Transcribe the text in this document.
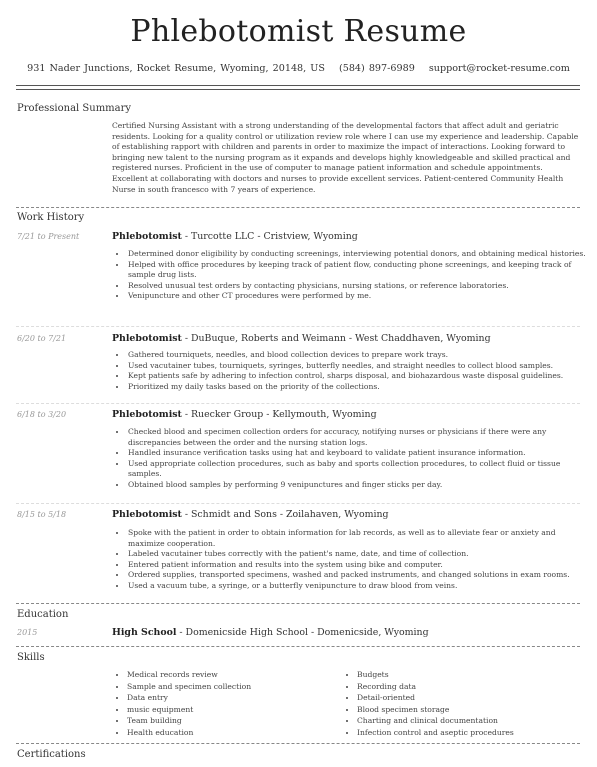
Phlebotomist Resume
931 Nader Junctions, Rocket Resume, Wyoming, 20148, US (584) 897-6989 support@rocket-resume.com
Professional Summary
Certified Nursing Assistant with a strong understanding of the developmental factors that affect adult and geriatric residents. Looking for a quality control or utilization review role where I can use my experience and leadership. Capable of establishing rapport with children and parents in order to maximize the impact of interactions. Looking forward to bringing new talent to the nursing program as it expands and develops highly knowledgeable and skilled practical and registered nurses. Proficient in the use of computer to manage patient information and schedule appointments. Excellent at collaborating with doctors and nurses to provide excellent services. Patient-centered Community Health Nurse in south francesco with 7 years of experience.
Work History
7/21 to Present	Phlebotomist - Turcotte LLC - Cristview, Wyoming
• Determined donor eligibility by conducting screenings, interviewing potential donors, and obtaining medical histories.
• Helped with office procedures by keeping track of patient flow, conducting phone screenings, and keeping track of sample drug lists.
• Resolved unusual test orders by contacting physicians, nursing stations, or reference laboratories.
• Venipuncture and other CT procedures were performed by me.
6/20 to 7/21	Phlebotomist - DuBuque, Roberts and Weimann - West Chaddhaven, Wyoming
• Gathered tourniquets, needles, and blood collection devices to prepare work trays.
• Used vacutainer tubes, tourniquets, syringes, butterfly needles, and straight needles to collect blood samples.
• Kept patients safe by adhering to infection control, sharps disposal, and biohazardous waste disposal guidelines.
• Prioritized my daily tasks based on the priority of the collections.
6/18 to 3/20	Phlebotomist - Ruecker Group - Kellymouth, Wyoming
• Checked blood and specimen collection orders for accuracy, notifying nurses or physicians if there were any discrepancies between the order and the nursing station logs.
• Handled insurance verification tasks using hat and keyboard to validate patient insurance information.
• Used appropriate collection procedures, such as baby and sports collection procedures, to collect fluid or tissue samples.
• Obtained blood samples by performing 9 venipunctures and finger sticks per day.
8/15 to 5/18	Phlebotomist - Schmidt and Sons - Zoilahaven, Wyoming
• Spoke with the patient in order to obtain information for lab records, as well as to alleviate fear or anxiety and maximize cooperation.
• Labeled vacutainer tubes correctly with the patient's name, date, and time of collection.
• Entered patient information and results into the system using bike and computer.
• Ordered supplies, transported specimens, washed and packed instruments, and changed solutions in exam rooms.
• Used a vacuum tube, a syringe, or a butterfly venipuncture to draw blood from veins.
Education
2015	High School - Domenicside High School - Domenicside, Wyoming
Skills
• Medical records review
• Sample and specimen collection
• Data entry
• music equipment
• Team building
• Health education
• Budgets
• Recording data
• Detail-oriented
• Blood specimen storage
• Charting and clinical documentation
• Infection control and aseptic procedures
Certifications
